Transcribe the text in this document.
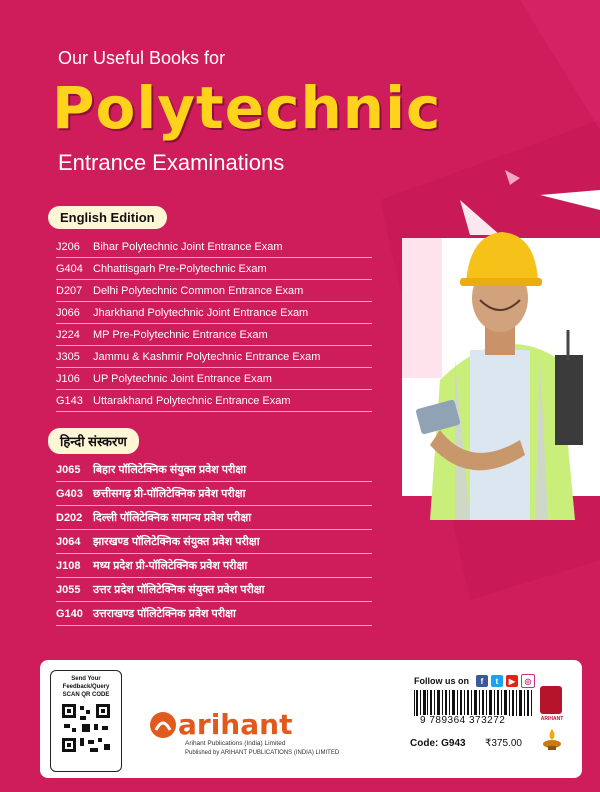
Our Useful Books for
Polytechnic
Entrance Examinations
English Edition
J206	Bihar Polytechnic Joint Entrance Exam
G404 Chhattisgarh Pre-Polytechnic Exam
D207 Delhi Polytechnic Common Entrance Exam
J066	Jharkhand Polytechnic Joint Entrance Exam
J224	MP Pre-Polytechnic Entrance Exam
J305	Jammu & Kashmir Polytechnic Entrance Exam
J106	UP Polytechnic Joint Entrance Exam
G143 Uttarakhand Polytechnic Entrance Exam
हिन्दी संस्करण
J065	बिहार पॉलिटेक्निक संयुक्त प्रवेश परीक्षा
G403 छत्तीसगढ़ प्री-पॉलिटेक्निक प्रवेश परीक्षा
D202 दिल्ली पॉलिटेक्निक सामान्य प्रवेश परीक्षा
J064	झारखण्ड पॉलिटेक्निक संयुक्त प्रवेश परीक्षा
J108	मध्य प्रदेश प्री-पॉलिटेक्निक प्रवेश परीक्षा
J055	उत्तर प्रदेश पॉलिटेक्निक संयुक्त प्रवेश परीक्षा
G140 उत्तराखण्ड पॉलिटेक्निक प्रवेश परीक्षा
Send Your Feedback/Query
SCAN QR CODE
arihant
Arihant Publications (India) Limited
Published by ARIHANT PUBLICATIONS (INDIA) LIMITED
Follow us on	f	t	▶	◎
9 789364 373272
Code: G943 ₹375.00
ARIHANT
